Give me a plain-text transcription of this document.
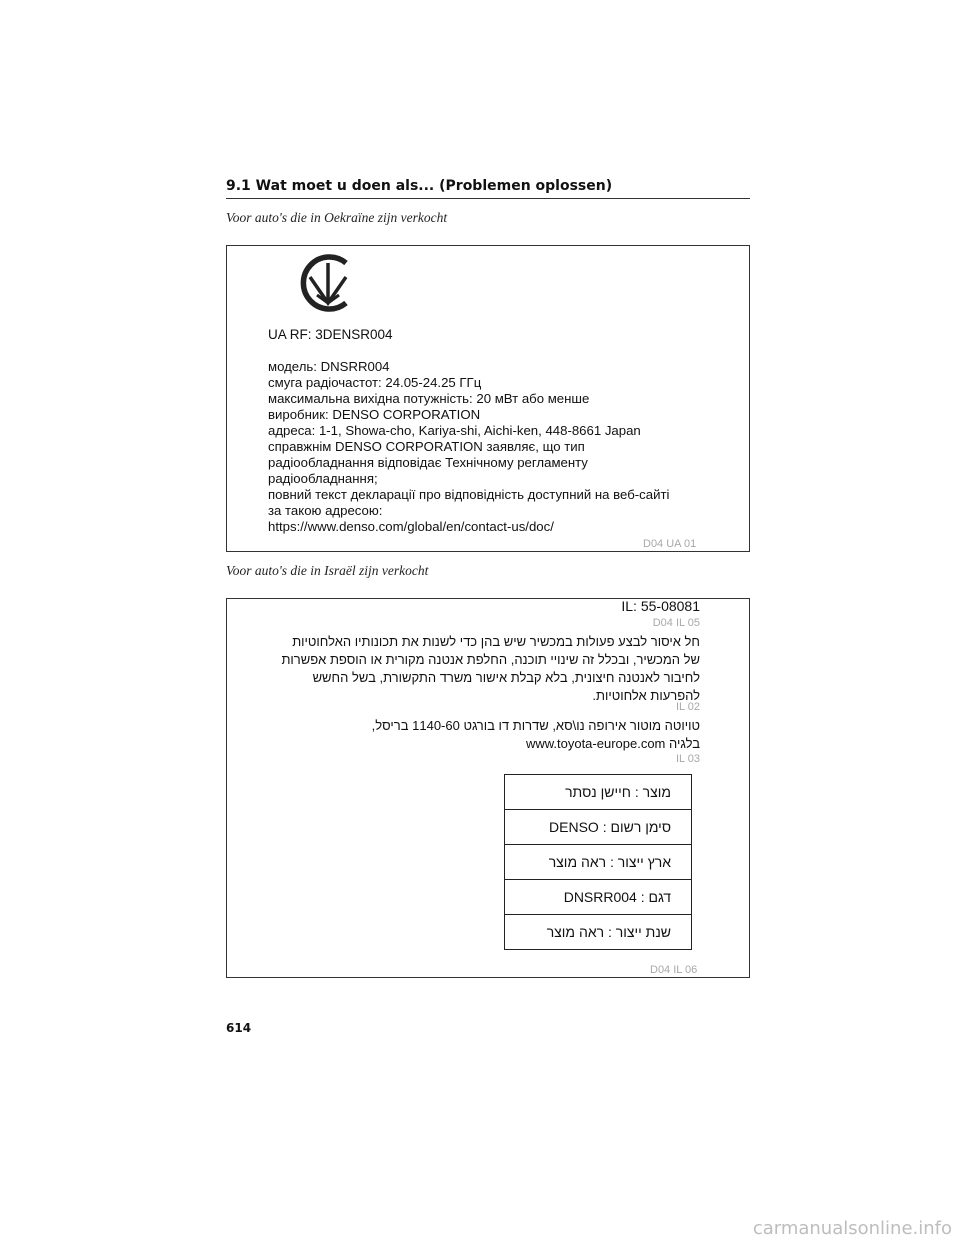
9.1 Wat moet u doen als... (Problemen oplossen)
Voor auto's die in Oekraïne zijn verkocht
UA RF: 3DENSR004
модель: DNSRR004
смуга радіочастот: 24.05-24.25 ГГц
максимальна вихідна потужність: 20 мВт або менше
виробник: DENSO CORPORATION
адреса: 1-1, Showa-cho, Kariya-shi, Aichi-ken, 448-8661 Japan
справжнім DENSO CORPORATION заявляє, що тип
радіообладнання відповідає Технічному регламенту
радіообладнання;
повний текст декларації про відповідність доступний на веб-сайті
за такою адресою:
https://www.denso.com/global/en/contact-us/doc/
D04 UA 01
Voor auto's die in Israël zijn verkocht
IL: 55-08081
D04 IL 05
חל איסור לבצע פעולות במכשיר שיש בהן כדי לשנות את תכונותיו האלחוטיות
של המכשיר, ובכלל זה שינויי תוכנה, החלפת אנטנה מקורית או הוספת אפשרות
לחיבור לאנטנה חיצונית, בלא קבלת אישור משרד התקשורת, בשל החשש
להפרעות אלחוטיות.
IL 02
טויוטה מוטור אירופה נו\סא, שדרות דו בורגט 1140-60 בריסל,
בלגיה www.toyota-europe.com
IL 03
מוצר : חיישן נסתר
סימן רשום : DENSO
ארץ ייצור : ראה מוצר
דגם : DNSRR004
שנת ייצור : ראה מוצר
D04 IL 06
614
carmanualsonline.info
